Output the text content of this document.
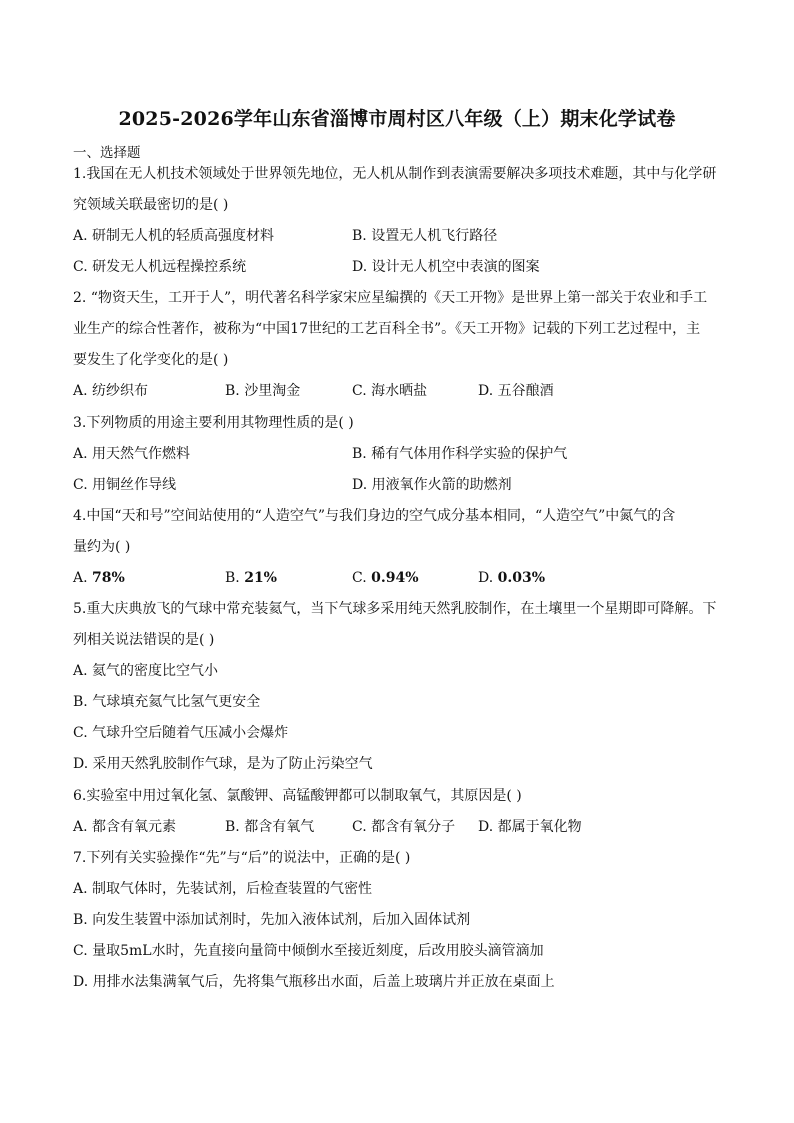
2025-2026学年山东省淄博市周村区八年级（上）期末化学试卷
一、选择题
1.我国在无人机技术领域处于世界领先地位，无人机从制作到表演需要解决多项技术难题，其中与化学研
究领域关联最密切的是( )
A. 研制无人机的轻质高强度材料	B. 设置无人机飞行路径
C. 研发无人机远程操控系统	D. 设计无人机空中表演的图案
2. “物资天生，工开于人”，明代著名科学家宋应星编撰的《天工开物》是世界上第一部关于农业和手工
业生产的综合性著作，被称为“中国17世纪的工艺百科全书”。《天工开物》记载的下列工艺过程中，主
要发生了化学变化的是( )
A. 纺纱织布	B. 沙里淘金	C. 海水晒盐	D. 五谷酿酒
3.下列物质的用途主要利用其物理性质的是( )
A. 用天然气作燃料	B. 稀有气体用作科学实验的保护气
C. 用铜丝作导线	D. 用液氧作火箭的助燃剂
4.中国“天和号”空间站使用的“人造空气”与我们身边的空气成分基本相同，“人造空气”中氮气的含
量约为( )
A. 78%	B. 21%	C. 0.94%	D. 0.03%
5.重大庆典放飞的气球中常充装氦气，当下气球多采用纯天然乳胶制作，在土壤里一个星期即可降解。下
列相关说法错误的是( )
A. 氦气的密度比空气小
B. 气球填充氦气比氢气更安全
C. 气球升空后随着气压减小会爆炸
D. 采用天然乳胶制作气球，是为了防止污染空气
6.实验室中用过氧化氢、氯酸钾、高锰酸钾都可以制取氧气，其原因是( )
A. 都含有氧元素	B. 都含有氧气	C. 都含有氧分子 D. 都属于氧化物
7.下列有关实验操作“先”与“后”的说法中，正确的是( )
A. 制取气体时，先装试剂，后检查装置的气密性
B. 向发生装置中添加试剂时，先加入液体试剂，后加入固体试剂
C. 量取5mL水时，先直接向量筒中倾倒水至接近刻度，后改用胶头滴管滴加
D. 用排水法集满氧气后，先将集气瓶移出水面，后盖上玻璃片并正放在桌面上
